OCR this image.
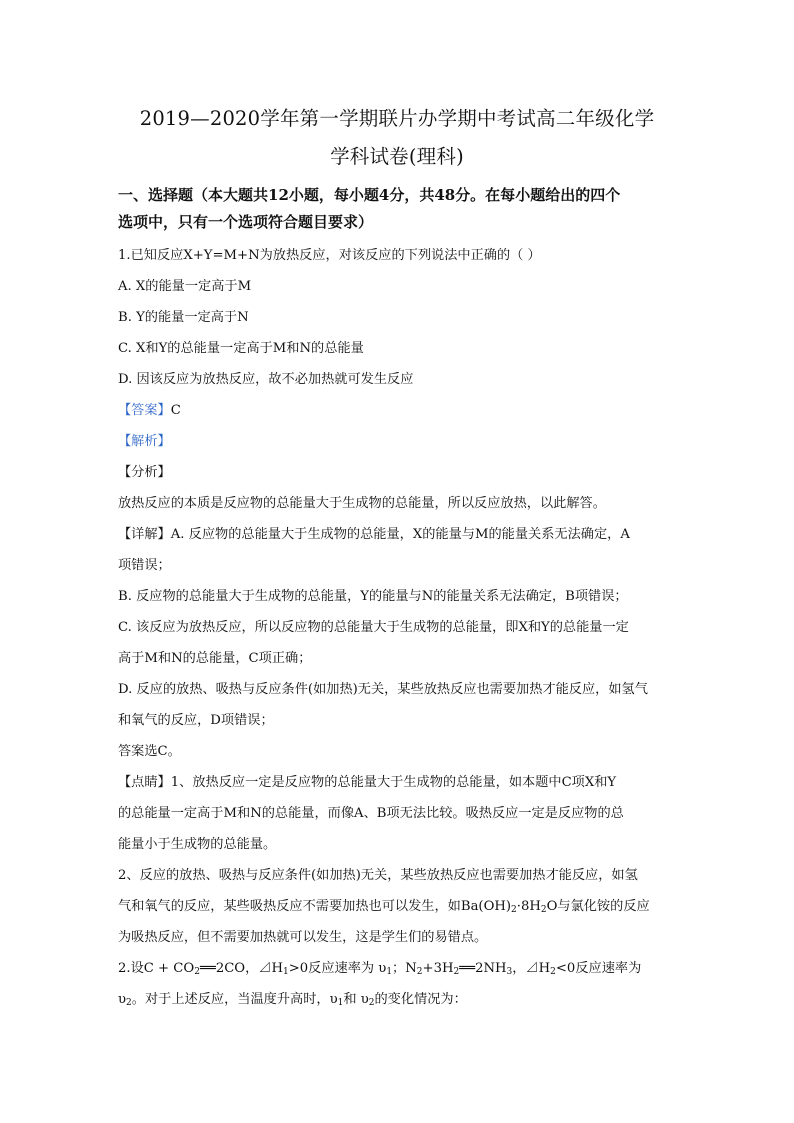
2019—2020学年第一学期联片办学期中考试高二年级化学
学科试卷(理科)
一、选择题（本大题共12小题，每小题4分，共48分。在每小题给出的四个
选项中，只有一个选项符合题目要求）

1.已知反应X+Y=M+N为放热反应，对该反应的下列说法中正确的（ ）

A. X的能量一定高于M

B. Y的能量一定高于N

C. X和Y的总能量一定高于M和N的总能量

D. 因该反应为放热反应，故不必加热就可发生反应

【答案】C

【解析】

【分析】

放热反应的本质是反应物的总能量大于生成物的总能量，所以反应放热，以此解答。

【详解】A. 反应物的总能量大于生成物的总能量，X的能量与M的能量关系无法确定，A

项错误；

B. 反应物的总能量大于生成物的总能量，Y的能量与N的能量关系无法确定，B项错误；

C. 该反应为放热反应，所以反应物的总能量大于生成物的总能量，即X和Y的总能量一定

高于M和N的总能量，C项正确；

D. 反应的放热、吸热与反应条件(如加热)无关，某些放热反应也需要加热才能反应，如氢气

和氧气的反应，D项错误；

答案选C。

【点睛】1、放热反应一定是反应物的总能量大于生成物的总能量，如本题中C项X和Y

的总能量一定高于M和N的总能量，而像A、B项无法比较。吸热反应一定是反应物的总

能量小于生成物的总能量。

2、反应的放热、吸热与反应条件(如加热)无关，某些放热反应也需要加热才能反应，如氢

气和氧气的反应，某些吸热反应不需要加热也可以发生，如$Ba(OH)_2\cdot 8H_2O$与氯化铵的反应

为吸热反应，但不需要加热就可以发生，这是学生们的易错点。

2.设$C + CO_2══2CO$，$⊿H_1>0$反应速率为 $\upsilon_1$；$N_2+3H_2══2NH_3$，$⊿H_2<0$反应速率为

$\upsilon_2$。对于上述反应，当温度升高时，$\upsilon_1$和 $\upsilon_2$的变化情况为：
